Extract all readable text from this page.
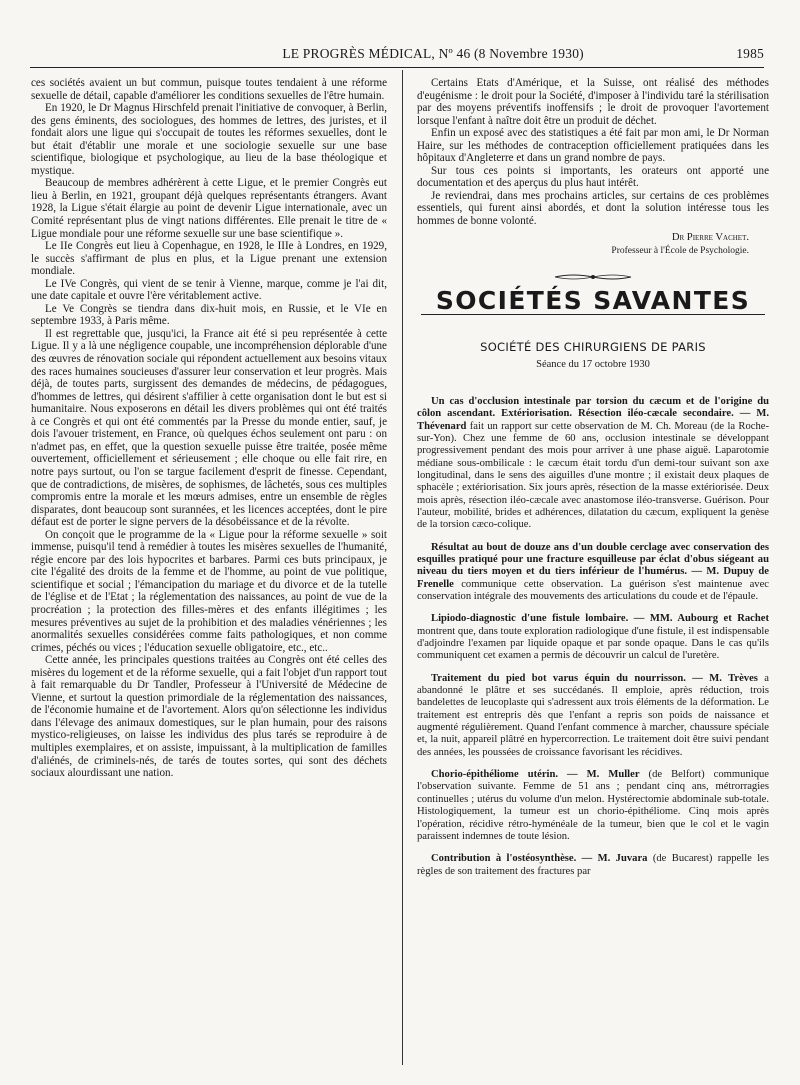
LE PROGRÈS MÉDICAL, Nº 46 (8 Novembre 1930)	1985

ces sociétés avaient un but commun, puisque toutes tendaient à une réforme sexuelle de détail, capable d'améliorer les conditions sexuelles de l'être humain.

En 1920, le Dr Magnus Hirschfeld prenait l'initiative de convoquer, à Berlin, des gens éminents, des sociologues, des hommes de lettres, des juristes, et il fondait alors une ligue qui s'occupait de toutes les réformes sexuelles, dont le but était d'établir une morale et une sociologie sexuelle sur une base scientifique, biologique et psychologique, au lieu de la base théologique et mystique.

Beaucoup de membres adhérèrent à cette Ligue, et le premier Congrès eut lieu à Berlin, en 1921, groupant déjà quelques représentants étrangers. Avant 1928, la Ligue s'était élargie au point de devenir Ligue internationale, avec un Comité représentant plus de vingt nations différentes. Elle prenait le titre de « Ligue mondiale pour une réforme sexuelle sur une base scientifique ».

Le IIe Congrès eut lieu à Copenhague, en 1928, le IIIe à Londres, en 1929, le succès s'affirmant de plus en plus, et la Ligue prenant une extension mondiale.

Le IVe Congrès, qui vient de se tenir à Vienne, marque, comme je l'ai dit, une date capitale et ouvre l'ère véritablement active.

Le Ve Congrès se tiendra dans dix-huit mois, en Russie, et le VIe en septembre 1933, à Paris même.

Il est regrettable que, jusqu'ici, la France ait été si peu représentée à cette Ligue. Il y a là une négligence coupable, une incompréhension déplorable d'une des œuvres de rénovation sociale qui répondent actuellement aux besoins vitaux des races humaines soucieuses d'assurer leur conservation et leur progrès. Mais déjà, de toutes parts, surgissent des demandes de médecins, de pédagogues, d'hommes de lettres, qui désirent s'affilier à cette organisation dont le but est si humanitaire. Nous exposerons en détail les divers problèmes qui ont été traités à ce Congrès et qui ont été commentés par la Presse du monde entier, sauf, je dois l'avouer tristement, en France, où quelques échos seulement ont paru : on n'admet pas, en effet, que la question sexuelle puisse être traitée, posée même ouvertement, officiellement et sérieusement ; elle choque ou elle fait rire, en notre pays surtout, ou l'on se targue facilement d'esprit de finesse. Cependant, que de contradictions, de misères, de sophismes, de lâchetés, sous ces multiples compromis entre la morale et les mœurs admises, entre un ensemble de règles disparates, dont beaucoup sont surannées, et les licences acceptées, dont le pire défaut est de porter le signe pervers de la désobéissance et de la révolte.

On conçoit que le programme de la « Ligue pour la réforme sexuelle » soit immense, puisqu'il tend à remédier à toutes les misères sexuelles de l'humanité, régie encore par des lois hypocrites et barbares. Parmi ces buts principaux, je cite l'égalité des droits de la femme et de l'homme, au point de vue politique, scientifique et social ; l'émancipation du mariage et du divorce et de la tutelle de l'église et de l'Etat ; la réglementation des naissances, au point de vue de la procréation ; la protection des filles-mères et des enfants illégitimes ; les mesures préventives au sujet de la prohibition et des maladies vénériennes ; les anormalités sexuelles considérées comme faits pathologiques, et non comme crimes, péchés ou vices ; l'éducation sexuelle obligatoire, etc., etc..

Cette année, les principales questions traitées au Congrès ont été celles des misères du logement et de la réforme sexuelle, qui a fait l'objet d'un rapport tout à fait remarquable du Dr Tandler, Professeur à l'Université de Médecine de Vienne, et surtout la question primordiale de la réglementation des naissances, de l'économie humaine et de l'avortement. Alors qu'on sélectionne les individus dans l'élevage des animaux domestiques, sur le plan humain, pour des raisons mystico-religieuses, on laisse les individus des plus tarés se reproduire à de multiples exemplaires, et on assiste, impuissant, à la multiplication de familles d'aliénés, de criminels-nés, de tarés de toutes sortes, qui sont des déchets sociaux alourdissant une nation.

Certains Etats d'Amérique, et la Suisse, ont réalisé des méthodes d'eugénisme : le droit pour la Société, d'imposer à l'individu taré la stérilisation par des moyens préventifs inoffensifs ; le droit de provoquer l'avortement lorsque l'enfant à naître doit être un produit de déchet.

Enfin un exposé avec des statistiques a été fait par mon ami, le Dr Norman Haire, sur les méthodes de contraception officiellement pratiquées dans les hôpitaux d'Angleterre et dans un grand nombre de pays.

Sur tous ces points si importants, les orateurs ont apporté une documentation et des aperçus du plus haut intérêt.

Je reviendrai, dans mes prochains articles, sur certains de ces problèmes essentiels, qui furent ainsi abordés, et dont la solution intéresse tous les hommes de bonne volonté.

Dr Pierre Vachet.
Professeur à l'École de Psychologie.
SOCIÉTÉS SAVANTES
SOCIÉTÉ DES CHIRURGIENS DE PARIS
Séance du 17 octobre 1930

Un cas d'occlusion intestinale par torsion du cæcum et de l'origine du côlon ascendant. Extériorisation. Résection iléo-cæcale secondaire. — M. Thévenard fait un rapport sur cette observation de M. Ch. Moreau (de la Roche-sur-Yon). Chez une femme de 60 ans, occlusion intestinale se développant progressivement pendant des mois pour arriver à une phase aiguë. Laparotomie médiane sous-ombilicale : le cæcum était tordu d'un demi-tour suivant son axe longitudinal, dans le sens des aiguilles d'une montre ; il existait deux plaques de sphacèle ; extériorisation. Six jours après, résection de la masse extériorisée. Deux mois après, résection iléo-cæcale avec anastomose iléo-transverse. Guérison. Pour l'auteur, mobilité, brides et adhérences, dilatation du cæcum, expliquent la genèse de la torsion cæco-colique.

Résultat au bout de douze ans d'un double cerclage avec conservation des esquilles pratiqué pour une fracture esquilleuse par éclat d'obus siégeant au niveau du tiers moyen et du tiers inférieur de l'humérus. — M. Dupuy de Frenelle communique cette observation. La guérison s'est maintenue avec conservation intégrale des mouvements des articulations du coude et de l'épaule.

Lipiodo-diagnostic d'une fistule lombaire. — MM. Aubourg et Rachet montrent que, dans toute exploration radiologique d'une fistule, il est indispensable d'adjoindre l'examen par liquide opaque et par sonde opaque. Dans le cas qu'ils communiquent cet examen a permis de découvrir un calcul de l'uretère.

Traitement du pied bot varus équin du nourrisson. — M. Trèves a abandonné le plâtre et ses succédanés. Il emploie, après réduction, trois bandelettes de leucoplaste qui s'adressent aux trois éléments de la déformation. Le traitement est entrepris dès que l'enfant a repris son poids de naissance et augmenté régulièrement. Quand l'enfant commence à marcher, chaussure spéciale et, la nuit, appareil plâtré en hypercorrection. Le traitement doit être suivi pendant des années, les poussées de croissance favorisant les récidives.

Chorio-épithéliome utérin. — M. Muller (de Belfort) communique l'observation suivante. Femme de 51 ans ; pendant cinq ans, métrorragies continuelles ; utérus du volume d'un melon. Hystérectomie abdominale sub-totale. Histologiquement, la tumeur est un chorio-épithéliome. Cinq mois après l'opération, récidive rétro-hyménéale de la tumeur, bien que le col et le vagin paraissent indemnes de toute lésion.

Contribution à l'ostéosynthèse. — M. Juvara (de Bucarest) rappelle les règles de son traitement des fractures par
